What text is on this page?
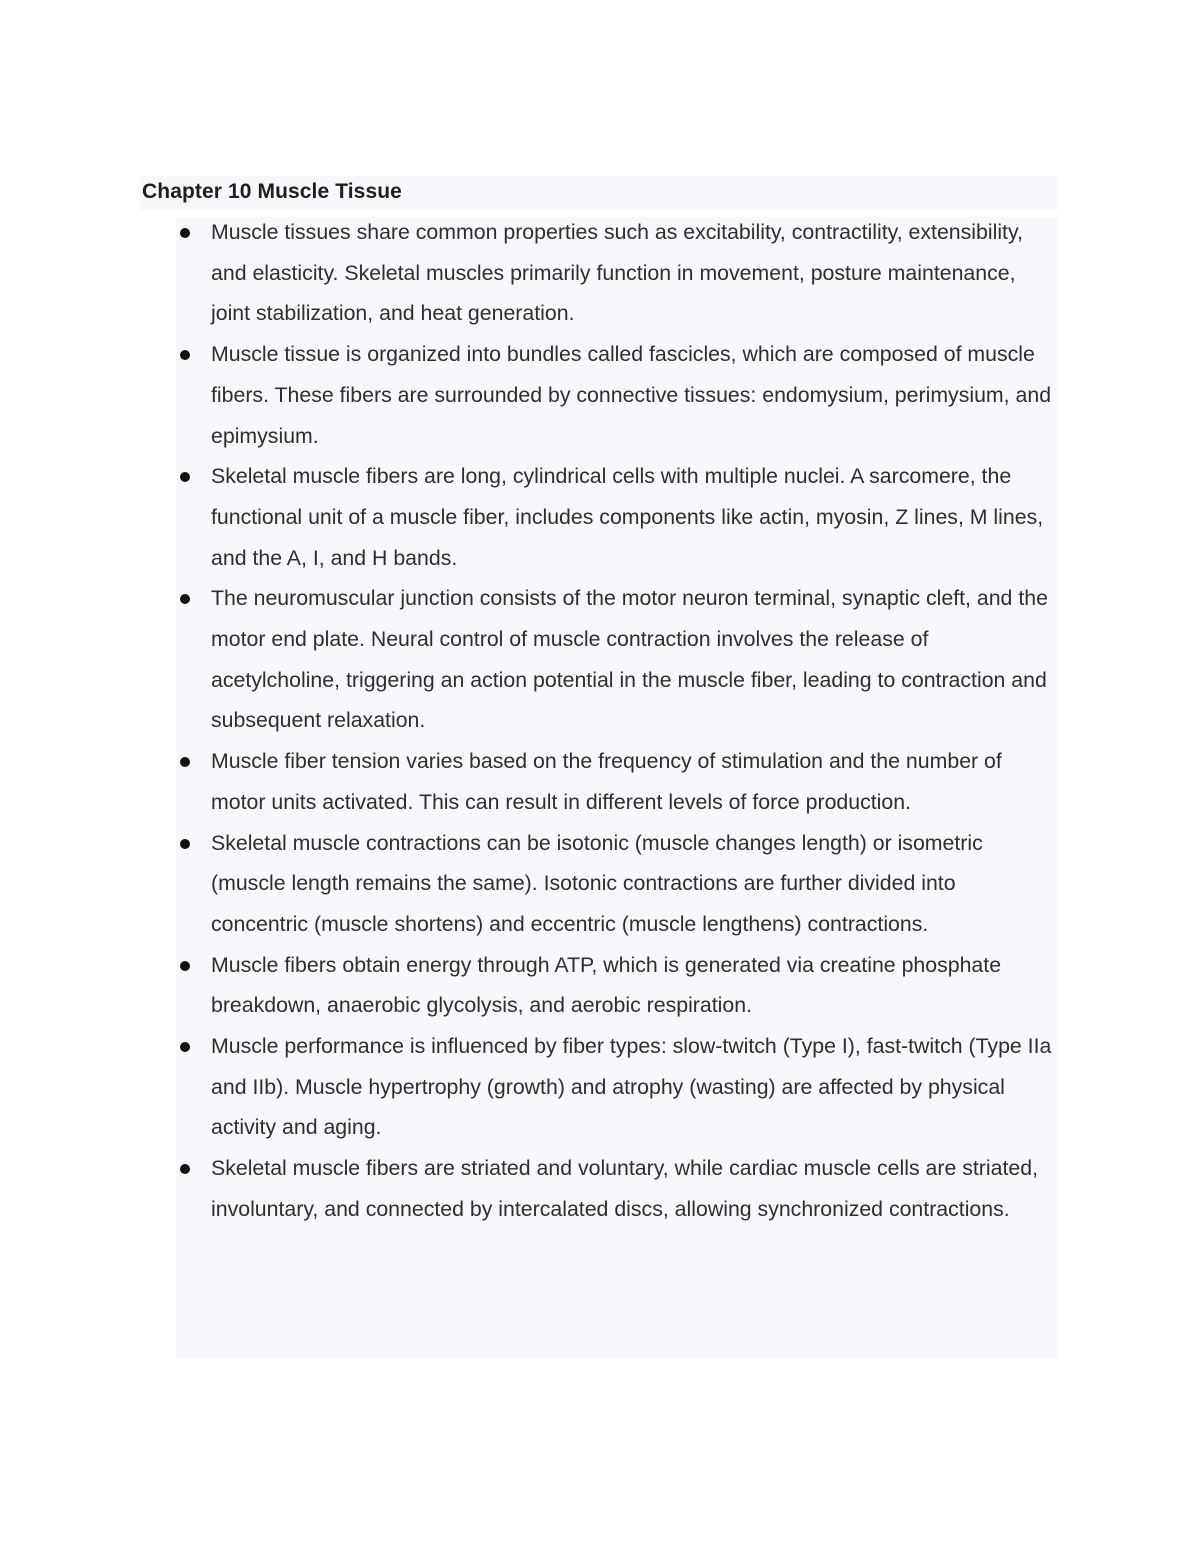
Chapter 10 Muscle Tissue
Muscle tissues share common properties such as excitability, contractility, extensibility, and elasticity. Skeletal muscles primarily function in movement, posture maintenance, joint stabilization, and heat generation.
Muscle tissue is organized into bundles called fascicles, which are composed of muscle fibers. These fibers are surrounded by connective tissues: endomysium, perimysium, and epimysium.
Skeletal muscle fibers are long, cylindrical cells with multiple nuclei. A sarcomere, the functional unit of a muscle fiber, includes components like actin, myosin, Z lines, M lines, and the A, I, and H bands.
The neuromuscular junction consists of the motor neuron terminal, synaptic cleft, and the motor end plate. Neural control of muscle contraction involves the release of acetylcholine, triggering an action potential in the muscle fiber, leading to contraction and subsequent relaxation.
Muscle fiber tension varies based on the frequency of stimulation and the number of motor units activated. This can result in different levels of force production.
Skeletal muscle contractions can be isotonic (muscle changes length) or isometric (muscle length remains the same). Isotonic contractions are further divided into concentric (muscle shortens) and eccentric (muscle lengthens) contractions.
Muscle fibers obtain energy through ATP, which is generated via creatine phosphate breakdown, anaerobic glycolysis, and aerobic respiration.
Muscle performance is influenced by fiber types: slow-twitch (Type I), fast-twitch (Type IIa and IIb). Muscle hypertrophy (growth) and atrophy (wasting) are affected by physical activity and aging.
Skeletal muscle fibers are striated and voluntary, while cardiac muscle cells are striated, involuntary, and connected by intercalated discs, allowing synchronized contractions.
